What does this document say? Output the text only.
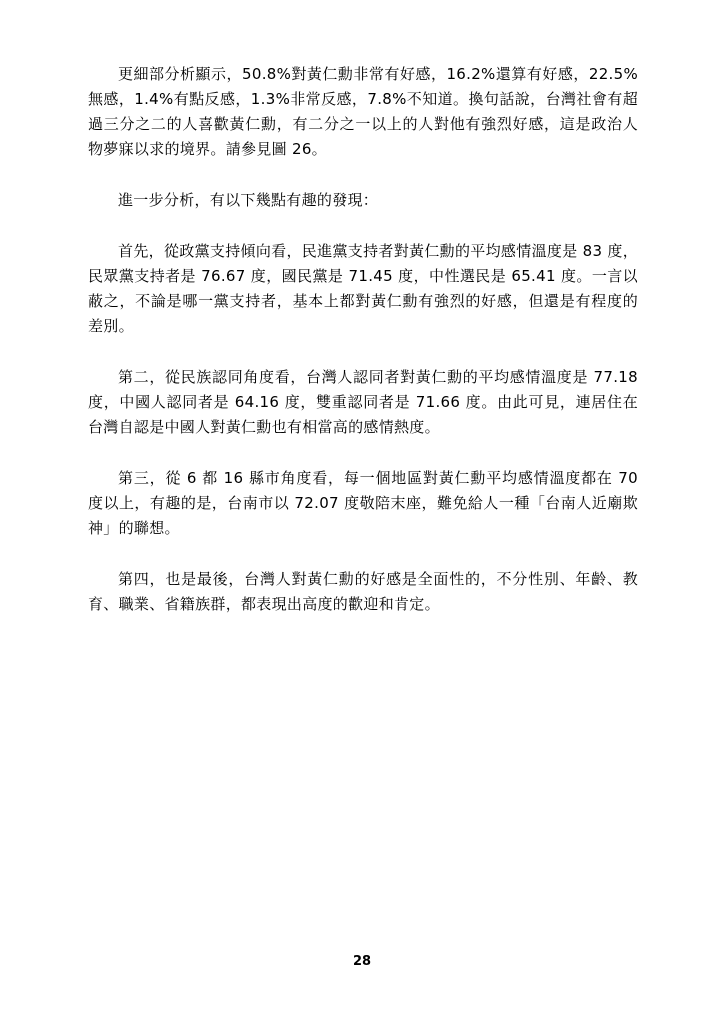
更細部分析顯示，50.8%對黃仁勳非常有好感，16.2%還算有好感，22.5%無感，1.4%有點反感，1.3%非常反感，7.8%不知道。換句話說，台灣社會有超過三分之二的人喜歡黃仁勳，有二分之一以上的人對他有強烈好感，這是政治人物夢寐以求的境界。請參見圖 26。

進一步分析，有以下幾點有趣的發現：

首先，從政黨支持傾向看，民進黨支持者對黃仁勳的平均感情溫度是 83 度，民眾黨支持者是 76.67 度，國民黨是 71.45 度，中性選民是 65.41 度。一言以蔽之，不論是哪一黨支持者，基本上都對黃仁勳有強烈的好感，但還是有程度的差別。

第二，從民族認同角度看，台灣人認同者對黃仁勳的平均感情溫度是 77.18 度，中國人認同者是 64.16 度，雙重認同者是 71.66 度。由此可見，連居住在台灣自認是中國人對黃仁勳也有相當高的感情熱度。

第三，從 6 都 16 縣市角度看，每一個地區對黃仁勳平均感情溫度都在 70 度以上，有趣的是，台南市以 72.07 度敬陪末座，難免給人一種「台南人近廟欺神」的聯想。

第四，也是最後，台灣人對黃仁勳的好感是全面性的，不分性別、年齡、教育、職業、省籍族群，都表現出高度的歡迎和肯定。

28
